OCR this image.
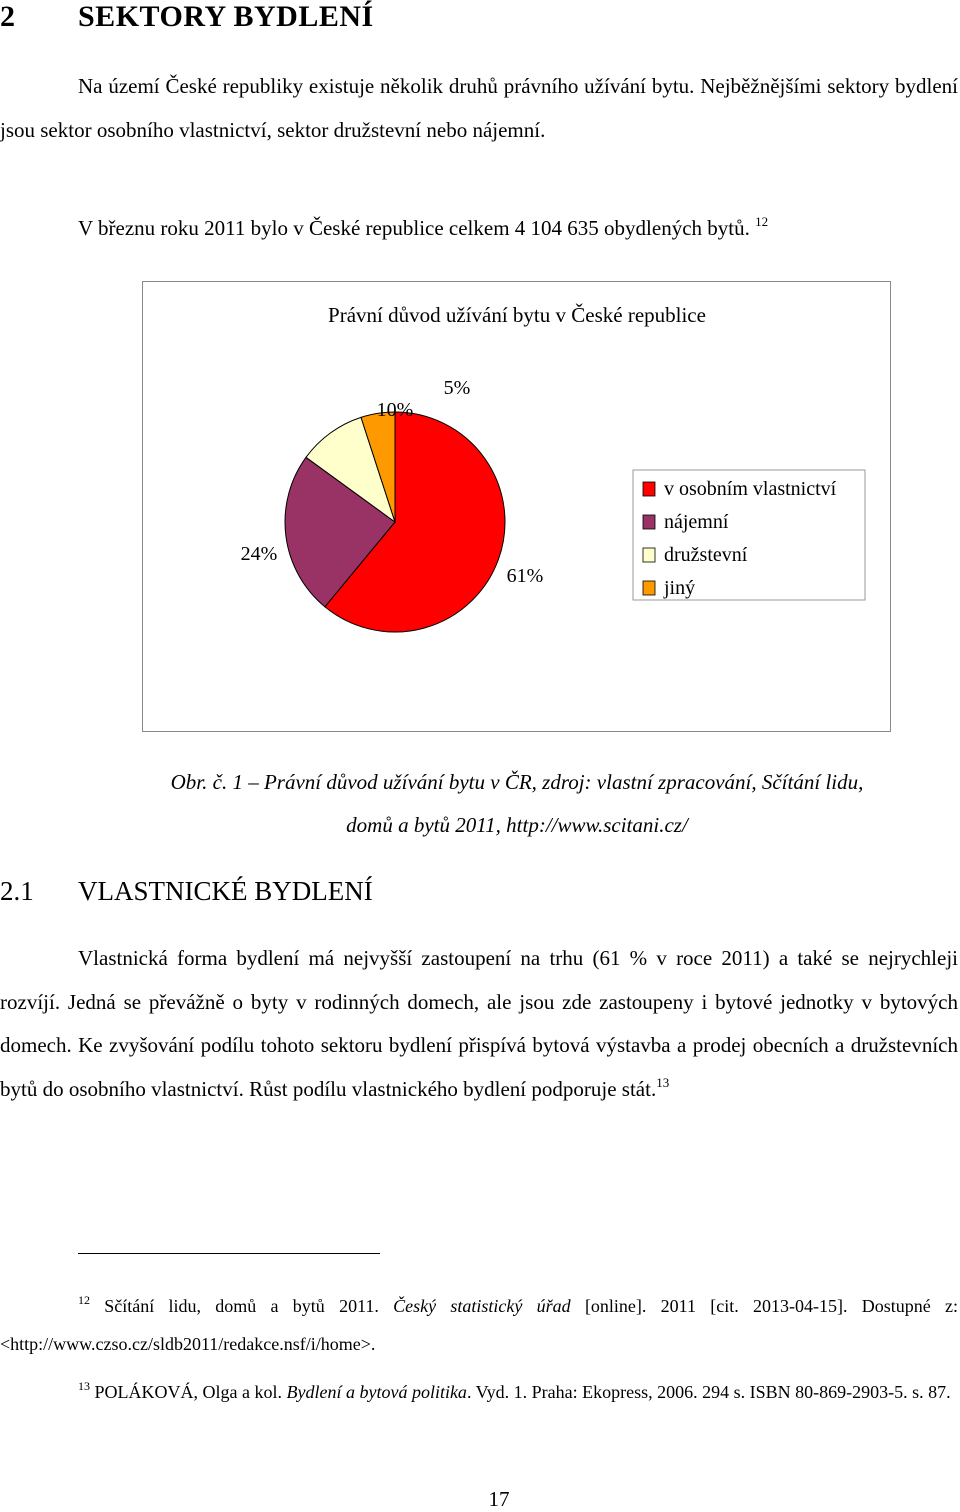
2 SEKTORY BYDLENÍ

Na území České republiky existuje několik druhů právního užívání bytu. Nejběžnějšími sektory bydlení jsou sektor osobního vlastnictví, sektor družstevní nebo nájemní.

V březnu roku 2011 bylo v České republice celkem 4 104 635 obydlených bytů. $^{12}$
Právní důvod užívání bytu v České republice
61%
24%
10%
5%
v osobním vlastnictví
nájemní
družstevní
jiný
Obr. č. 1 – Právní důvod užívání bytu v ČR, zdroj: vlastní zpracování, Sčítání lidu,
domů a bytů 2011, http://www.scitani.cz/
2.1 VLASTNICKÉ BYDLENÍ

Vlastnická forma bydlení má nejvyšší zastoupení na trhu (61 % v roce 2011) a také se nejrychleji rozvíjí. Jedná se převážně o byty v rodinných domech, ale jsou zde zastoupeny i bytové jednotky v bytových domech. Ke zvyšování podílu tohoto sektoru bydlení přispívá bytová výstavba a prodej obecních a družstevních bytů do osobního vlastnictví. Růst podílu vlastnického bydlení podporuje stát.$^{13}$

$^{12}$ Sčítání lidu, domů a bytů 2011. Český statistický úřad [online]. 2011 [cit. 2013-04-15]. Dostupné z: <http://www.czso.cz/sldb2011/redakce.nsf/i/home>.

$^{13}$ POLÁKOVÁ, Olga a kol. Bydlení a bytová politika. Vyd. 1. Praha: Ekopress, 2006. 294 s. ISBN 80-869-2903-5. s. 87.

17
